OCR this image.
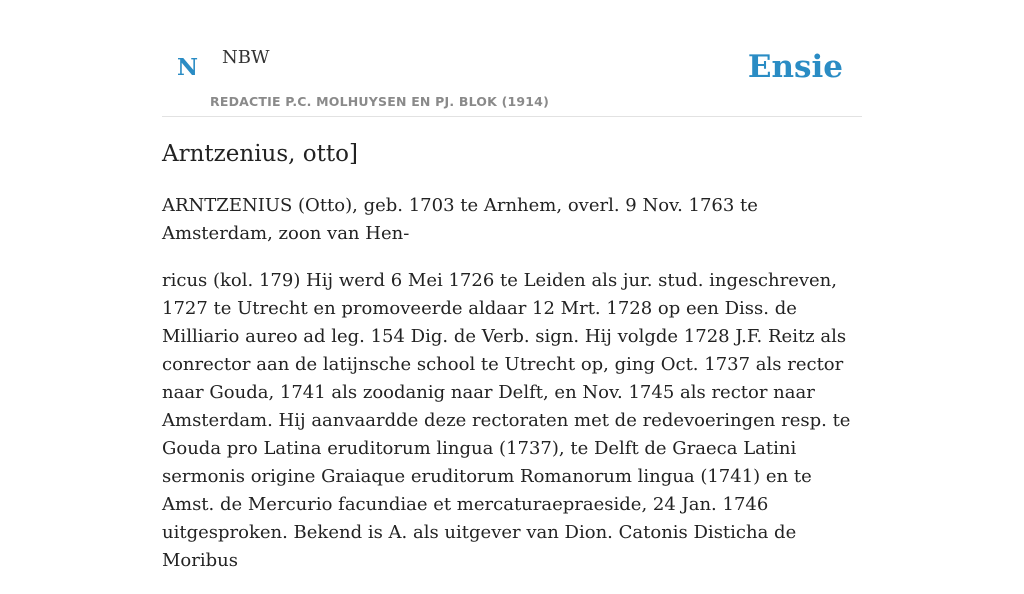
N NBW
REDACTIE P.C. MOLHUYSEN EN PJ. BLOK (1914)
Ensie
Arntzenius, otto]

ARNTZENIUS (Otto), geb. 1703 te Arnhem, overl. 9 Nov. 1763 te Amsterdam, zoon van Hen-

ricus (kol. 179) Hij werd 6 Mei 1726 te Leiden als jur. stud. ingeschreven, 1727 te Utrecht en promoveerde aldaar 12 Mrt. 1728 op een Diss. de Milliario aureo ad leg. 154 Dig. de Verb. sign. Hij volgde 1728 J.F. Reitz als conrector aan de latijnsche school te Utrecht op, ging Oct. 1737 als rector naar Gouda, 1741 als zoodanig naar Delft, en Nov. 1745 als rector naar Amsterdam. Hij aanvaardde deze rectoraten met de redevoeringen resp. te Gouda pro Latina eruditorum lingua (1737), te Delft de Graeca Latini sermonis origine Graiaque eruditorum Romanorum lingua (1741) en te Amst. de Mercurio facundiae et mercaturaepraeside, 24 Jan. 1746 uitgesproken. Bekend is A. als uitgever van Dion. Catonis Disticha de Moribus
